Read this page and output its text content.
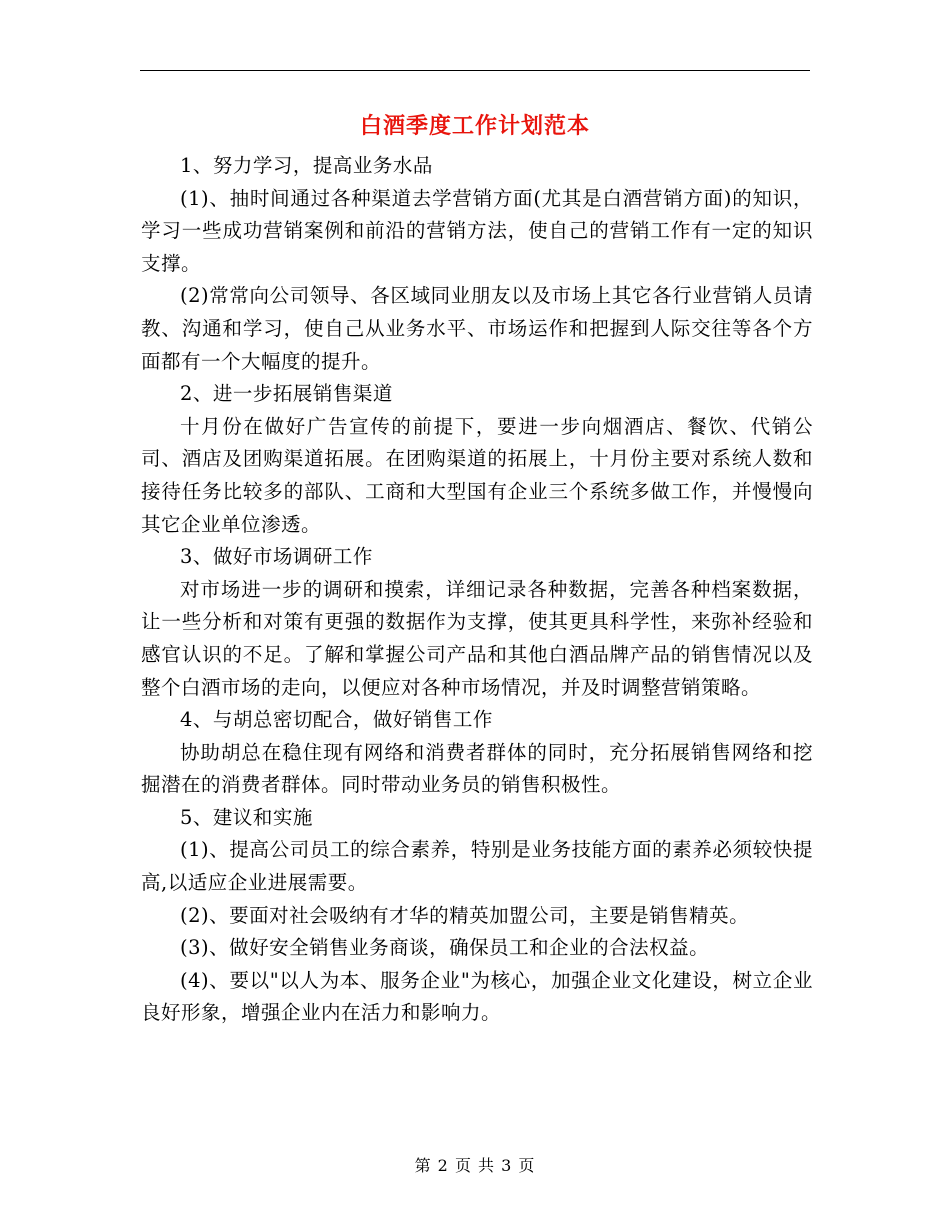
白酒季度工作计划范本

1、努力学习，提高业务水品

(1)、抽时间通过各种渠道去学营销方面(尤其是白酒营销方面)的知识，学习一些成功营销案例和前沿的营销方法，使自己的营销工作有一定的知识支撑。

(2)常常向公司领导、各区域同业朋友以及市场上其它各行业营销人员请教、沟通和学习，使自己从业务水平、市场运作和把握到人际交往等各个方面都有一个大幅度的提升。

2、进一步拓展销售渠道

十月份在做好广告宣传的前提下，要进一步向烟酒店、餐饮、代销公司、酒店及团购渠道拓展。在团购渠道的拓展上，十月份主要对系统人数和接待任务比较多的部队、工商和大型国有企业三个系统多做工作，并慢慢向其它企业单位渗透。

3、做好市场调研工作

对市场进一步的调研和摸索，详细记录各种数据，完善各种档案数据，让一些分析和对策有更强的数据作为支撑，使其更具科学性，来弥补经验和感官认识的不足。了解和掌握公司产品和其他白酒品牌产品的销售情况以及整个白酒市场的走向，以便应对各种市场情况，并及时调整营销策略。

4、与胡总密切配合，做好销售工作

协助胡总在稳住现有网络和消费者群体的同时，充分拓展销售网络和挖掘潜在的消费者群体。同时带动业务员的销售积极性。

5、建议和实施

(1)、提高公司员工的综合素养，特别是业务技能方面的素养必须较快提高,以适应企业进展需要。

(2)、要面对社会吸纳有才华的精英加盟公司，主要是销售精英。

(3)、做好安全销售业务商谈，确保员工和企业的合法权益。

(4)、要以"以人为本、服务企业"为核心，加强企业文化建设，树立企业良好形象，增强企业内在活力和影响力。

第 2 页 共 3 页
